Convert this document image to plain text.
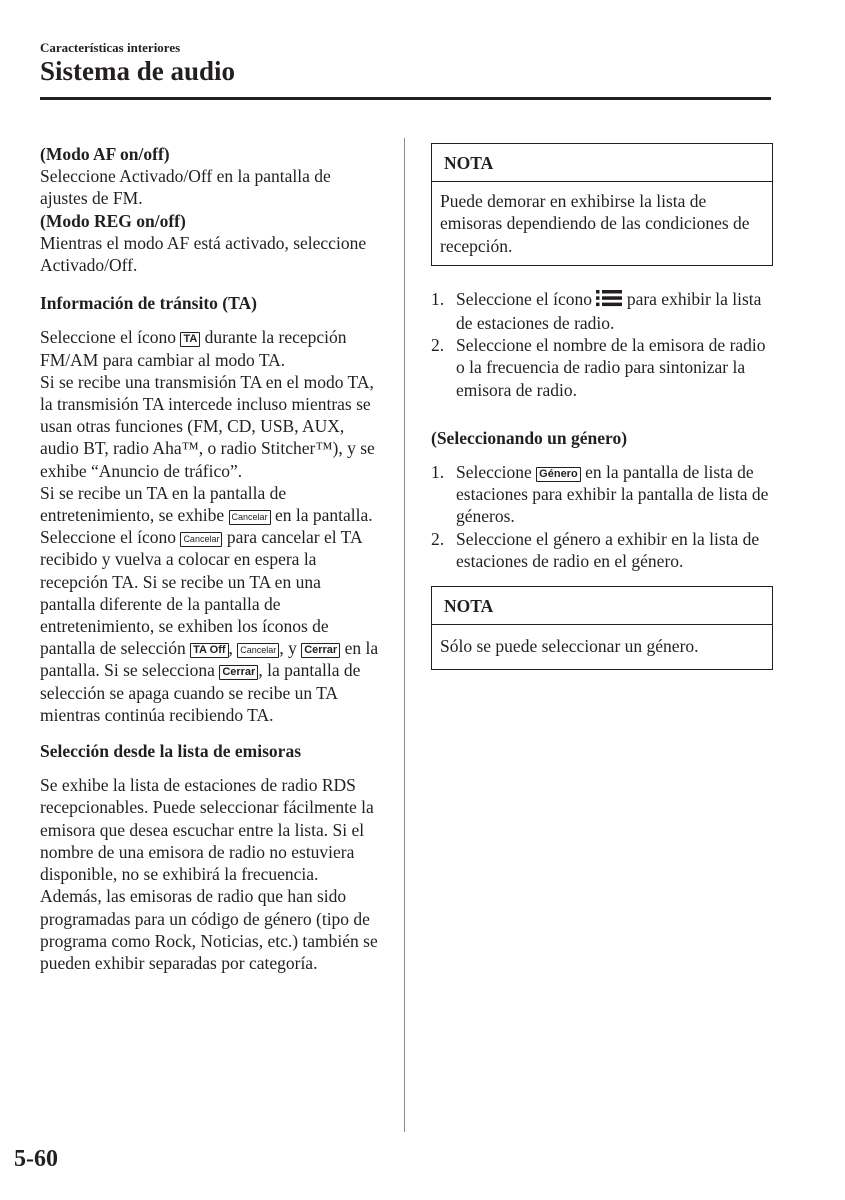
Características interiores
Sistema de audio

(Modo AF on/off)

Seleccione Activado/Off en la pantalla de ajustes de FM.

(Modo REG on/off)

Mientras el modo AF está activado, seleccione Activado/Off.

Información de tránsito (TA)

Seleccione el ícono TA durante la recepción FM/AM para cambiar al modo TA.

Si se recibe una transmisión TA en el modo TA, la transmisión TA intercede incluso mientras se usan otras funciones (FM, CD, USB, AUX, audio BT, radio Aha™, o radio Stitcher™), y se exhibe “Anuncio de tráfico”.

Si se recibe un TA en la pantalla de entretenimiento, se exhibe Cancelar en la pantalla. Seleccione el ícono Cancelar para cancelar el TA recibido y vuelva a colocar en espera la recepción TA. Si se recibe un TA en una pantalla diferente de la pantalla de entretenimiento, se exhiben los íconos de pantalla de selección TA Off , Cancelar , y Cerrar en la pantalla. Si se selecciona Cerrar , la pantalla de selección se apaga cuando se recibe un TA mientras continúa recibiendo TA.

Selección desde la lista de emisoras

Se exhibe la lista de estaciones de radio RDS recepcionables. Puede seleccionar fácilmente la emisora que desea escuchar entre la lista. Si el nombre de una emisora de radio no estuviera disponible, no se exhibirá la frecuencia. Además, las emisoras de radio que han sido programadas para un código de género (tipo de programa como Rock, Noticias, etc.) también se pueden exhibir separadas por categoría.

NOTA
Puede demorar en exhibirse la lista de emisoras dependiendo de las condiciones de recepción.
1. Seleccione el ícono  para exhibir la lista de estaciones de radio.
2. Seleccione el nombre de la emisora de radio o la frecuencia de radio para sintonizar la emisora de radio.

(Seleccionando un género)

1. Seleccione Género en la pantalla de lista de estaciones para exhibir la pantalla de lista de géneros.
2. Seleccione el género a exhibir en la lista de estaciones de radio en el género.
NOTA
Sólo se puede seleccionar un género.
5-60
